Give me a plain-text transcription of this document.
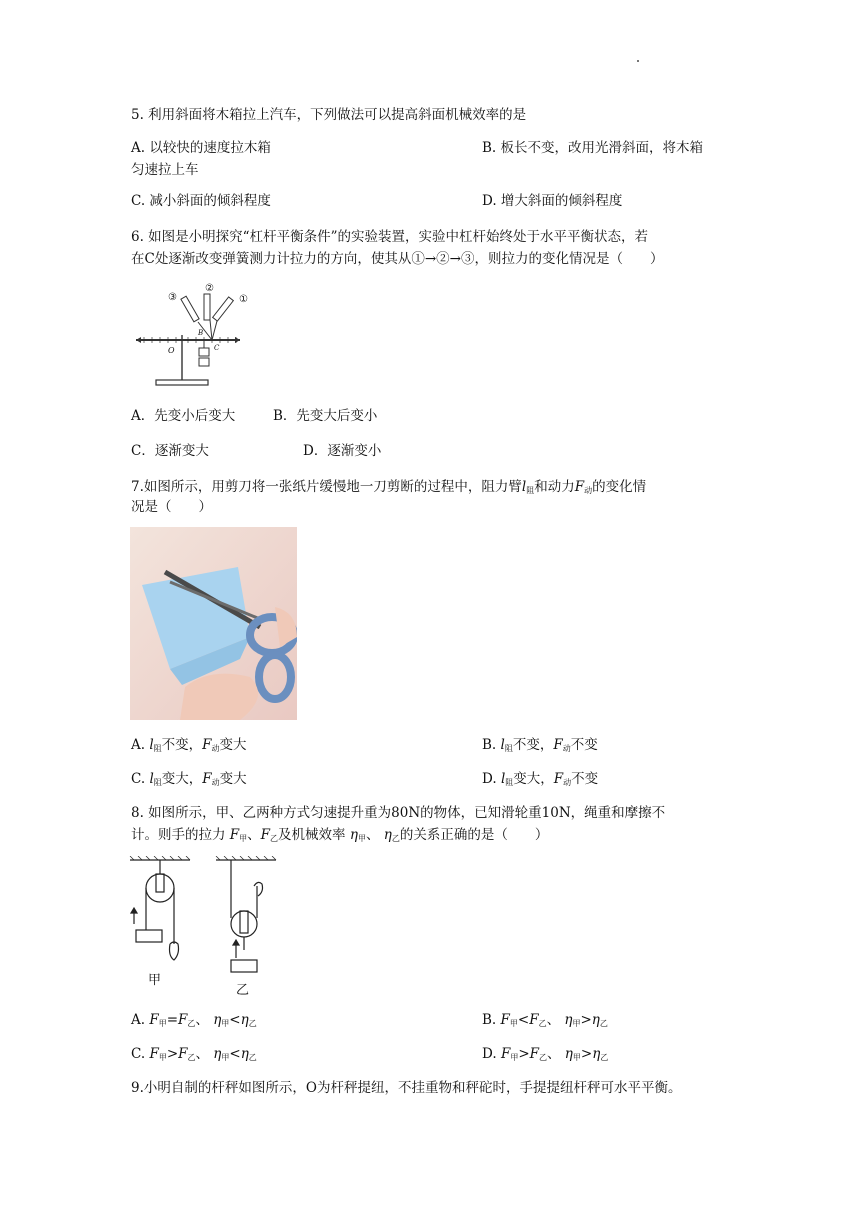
5. 利用斜面将木箱拉上汽车，下列做法可以提高斜面机械效率的是
A. 以较快的速度拉木箱	B. 板长不变，改用光滑斜面，将木箱
匀速拉上车
C. 减小斜面的倾斜程度	D. 增大斜面的倾斜程度
6. 如图是小明探究“杠杆平衡条件”的实验装置，实验中杠杆始终处于水平平衡状态，若
在C处逐渐改变弹簧测力计拉力的方向，使其从①→②→③，则拉力的变化情况是（　　）
O
B
C
③
②
①
A．先变小后变大	B．先变大后变小
C．逐渐变大	D．逐渐变小
7.如图所示，用剪刀将一张纸片缓慢地一刀剪断的过程中，阻力臂$l_阻$和动力$F_动$的变化情
况是（　　）
A. $l_阻$不变，$F_动$变大	B. $l_阻$不变，$F_动$不变
C. $l_阻$变大，$F_动$变大	D. $l_阻$变大，$F_动$不变
8. 如图所示，甲、乙两种方式匀速提升重为80N的物体，已知滑轮重10N，绳重和摩擦不
计。则手的拉力 $F_甲$、$F_乙$及机械效率 $\eta_甲$、 $\eta_乙$的关系正确的是（　　）
甲
乙
A. $F_甲=F_乙$、 $\eta_甲<\eta_乙$	B. $F_甲<F_乙$、 $\eta_甲>\eta_乙$
C. $F_甲>F_乙$、 $\eta_甲<\eta_乙$	D. $F_甲>F_乙$、 $\eta_甲>\eta_乙$
9.小明自制的杆秤如图所示，O为杆秤提纽，不挂重物和秤砣时，手提提纽杆秤可水平平衡。
